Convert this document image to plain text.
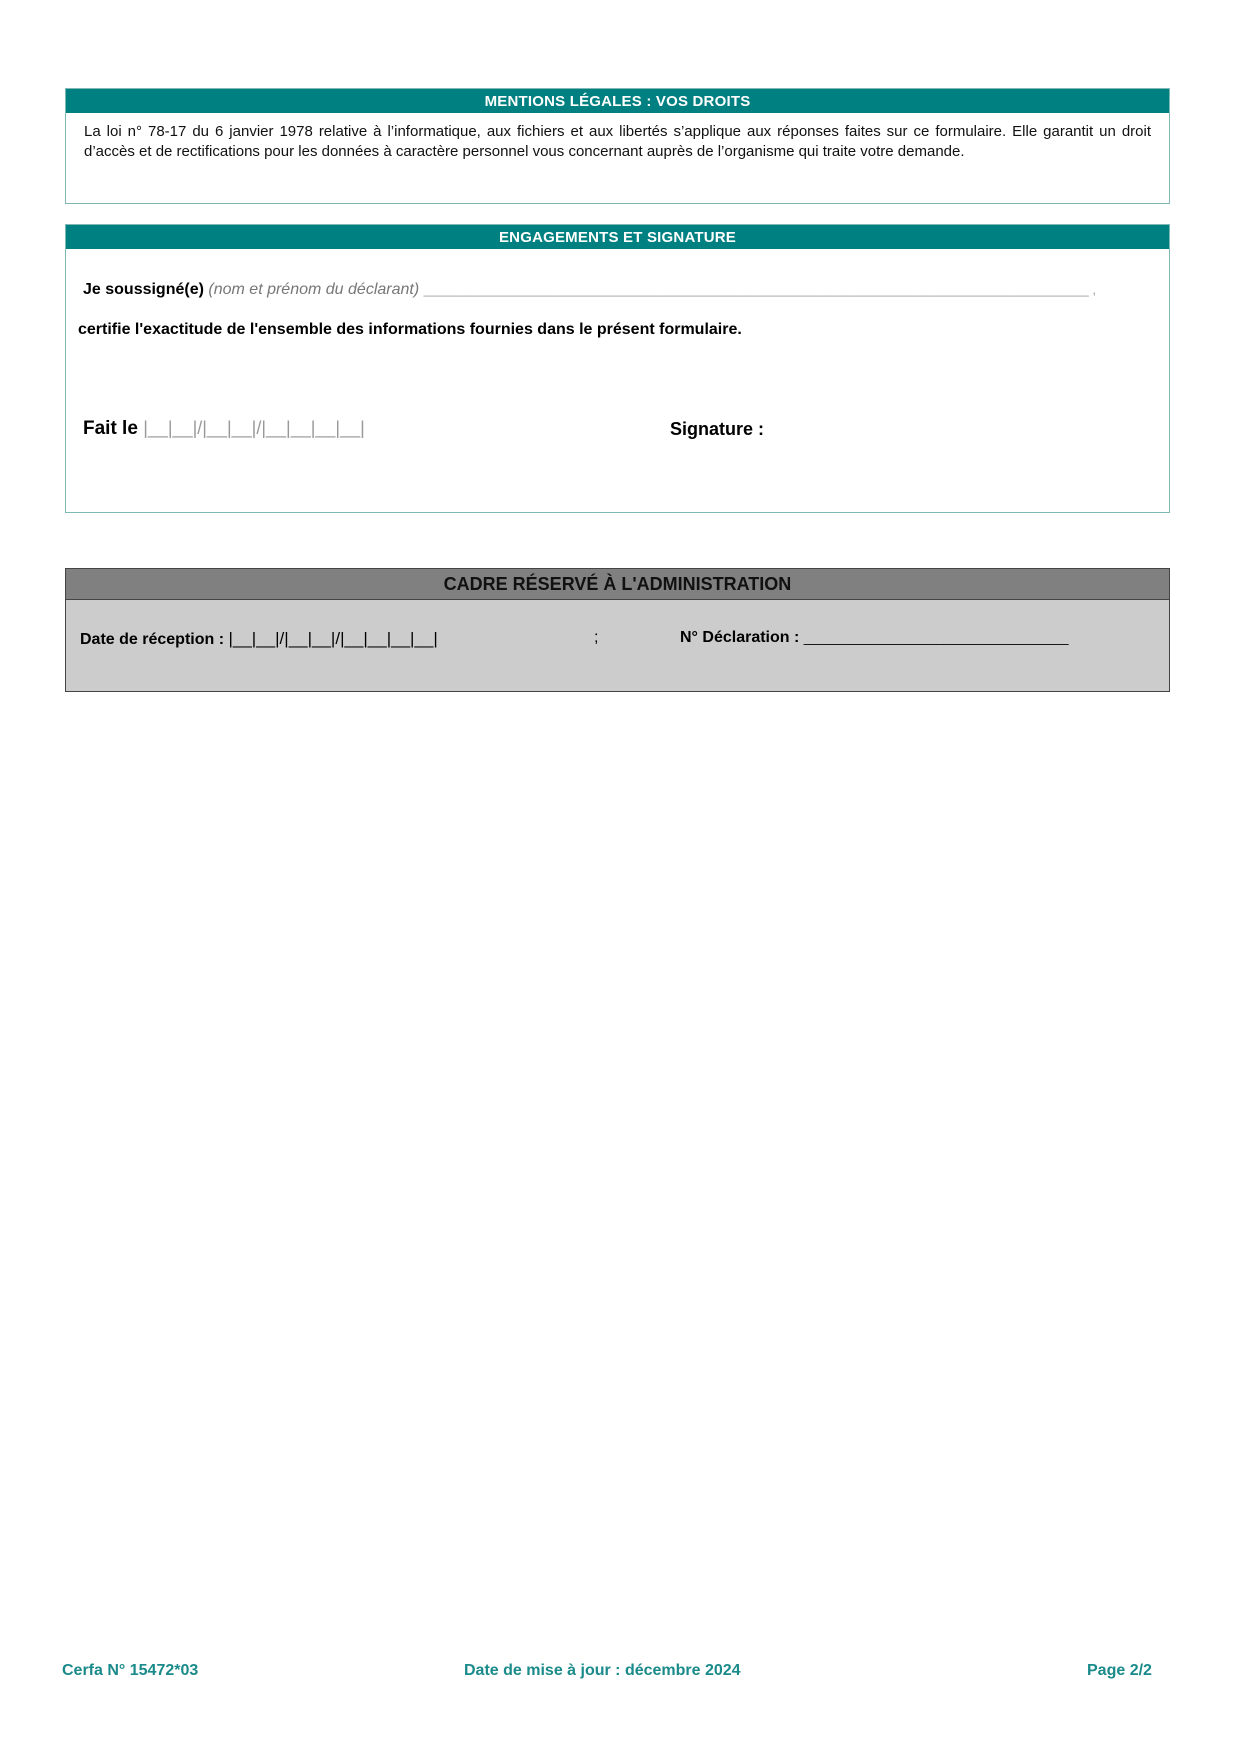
MENTIONS LÉGALES : VOS DROITS
La loi n° 78-17 du 6 janvier 1978 relative à l’informatique, aux fichiers et aux libertés s’applique aux réponses faites sur ce formulaire. Elle garantit un droit d’accès et de rectifications pour les données à caractère personnel vous concernant auprès de l’organisme qui traite votre demande.
ENGAGEMENTS ET SIGNATURE
Je soussigné(e) (nom et prénom du déclarant) ____________________________________________________________________________________________ ,
certifie l'exactitude de l'ensemble des informations fournies dans le présent formulaire.
Fait le |__|__|/|__|__|/|__|__|__|__|	Signature :
CADRE RÉSERVÉ À L'ADMINISTRATION
Date de réception : |__|__|/|__|__|/|__|__|__|__|	;	N° Déclaration : __________________________________
Cerfa N° 15472*03	Date de mise à jour : décembre 2024	Page 2/2
